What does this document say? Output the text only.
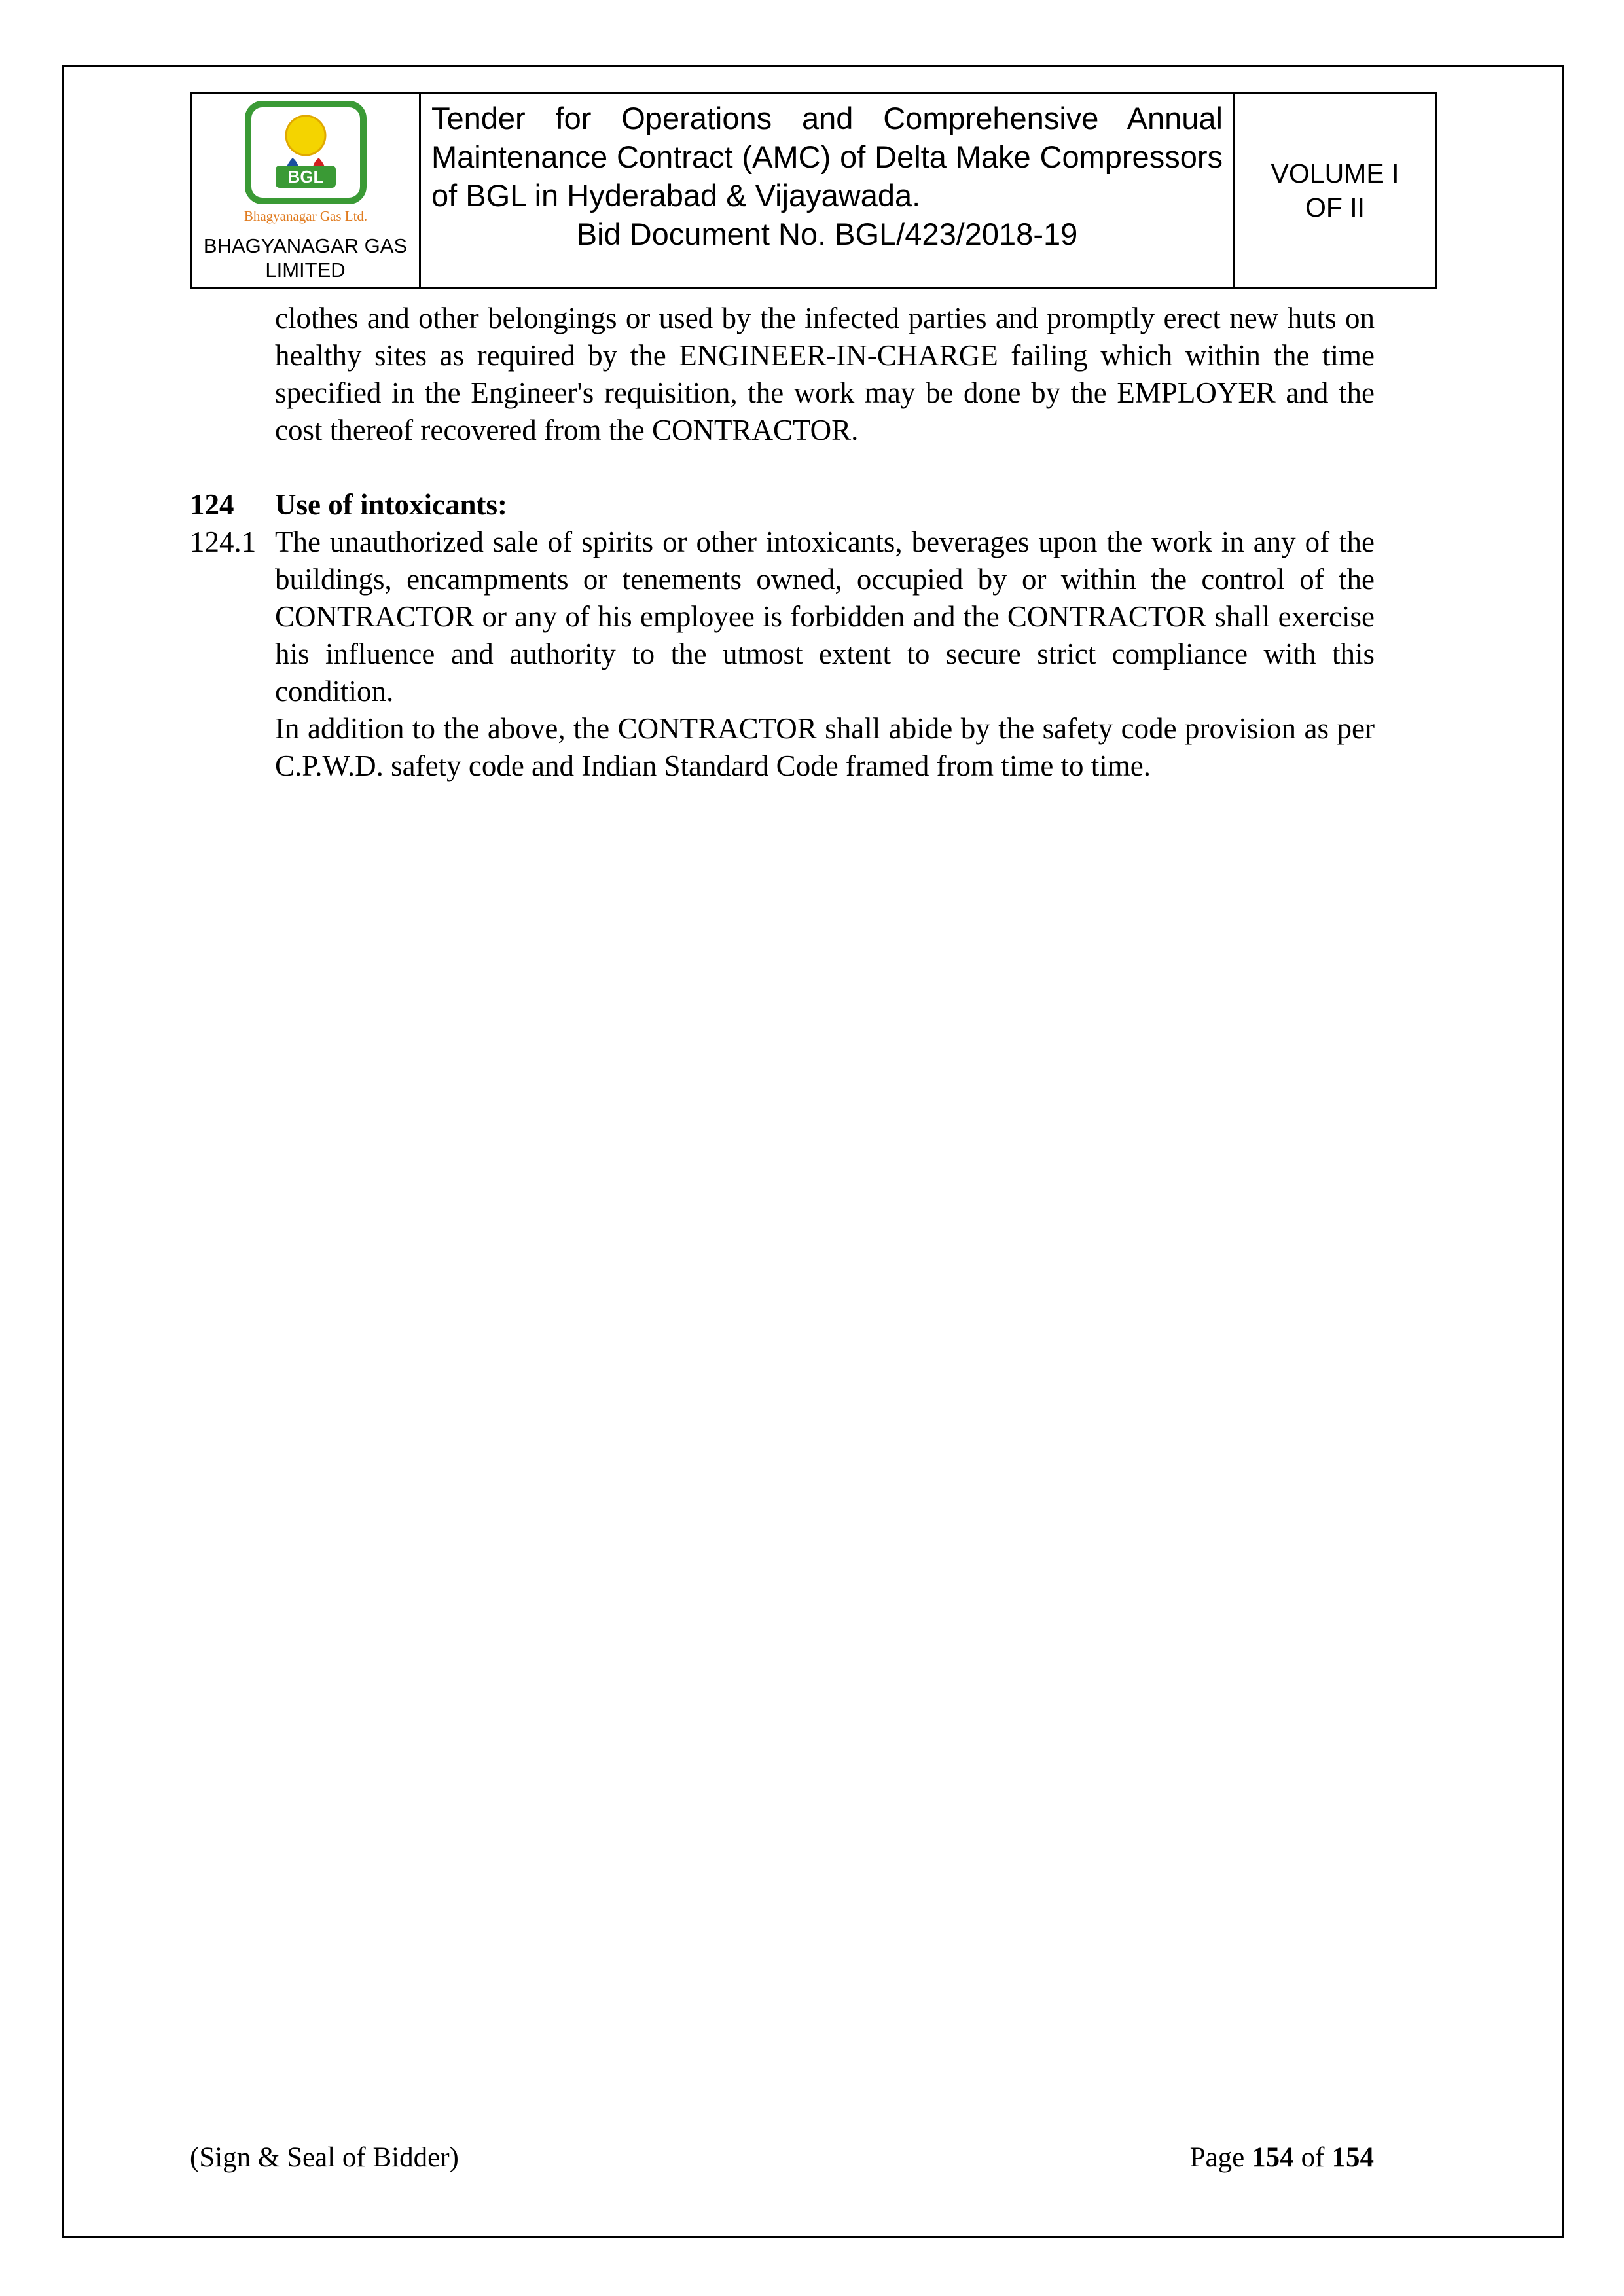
BGL
Bhagyanagar Gas Ltd.
BHAGYANAGAR GAS
LIMITED
Tender for Operations and Comprehensive Annual Maintenance Contract (AMC) of Delta Make Compressors of BGL in Hyderabad & Vijayawada.
Bid Document No. BGL/423/2018-19
VOLUME I
OF II

clothes and other belongings or used by the infected parties and promptly erect new huts on healthy sites as required by the ENGINEER-IN-CHARGE failing which within the time specified in the Engineer's requisition, the work may be done by the EMPLOYER and the cost thereof recovered from the CONTRACTOR.

124	Use of intoxicants:
124.1 The unauthorized sale of spirits or other intoxicants, beverages upon the work in any of the buildings, encampments or tenements owned, occupied by or within the control of the CONTRACTOR or any of his employee is forbidden and the CONTRACTOR shall exercise his influence and authority to the utmost extent to secure strict compliance with this condition.

In addition to the above, the CONTRACTOR shall abide by the safety code provision as per C.P.W.D. safety code and Indian Standard Code framed from time to time.

(Sign & Seal of Bidder)	Page 154 of 154
